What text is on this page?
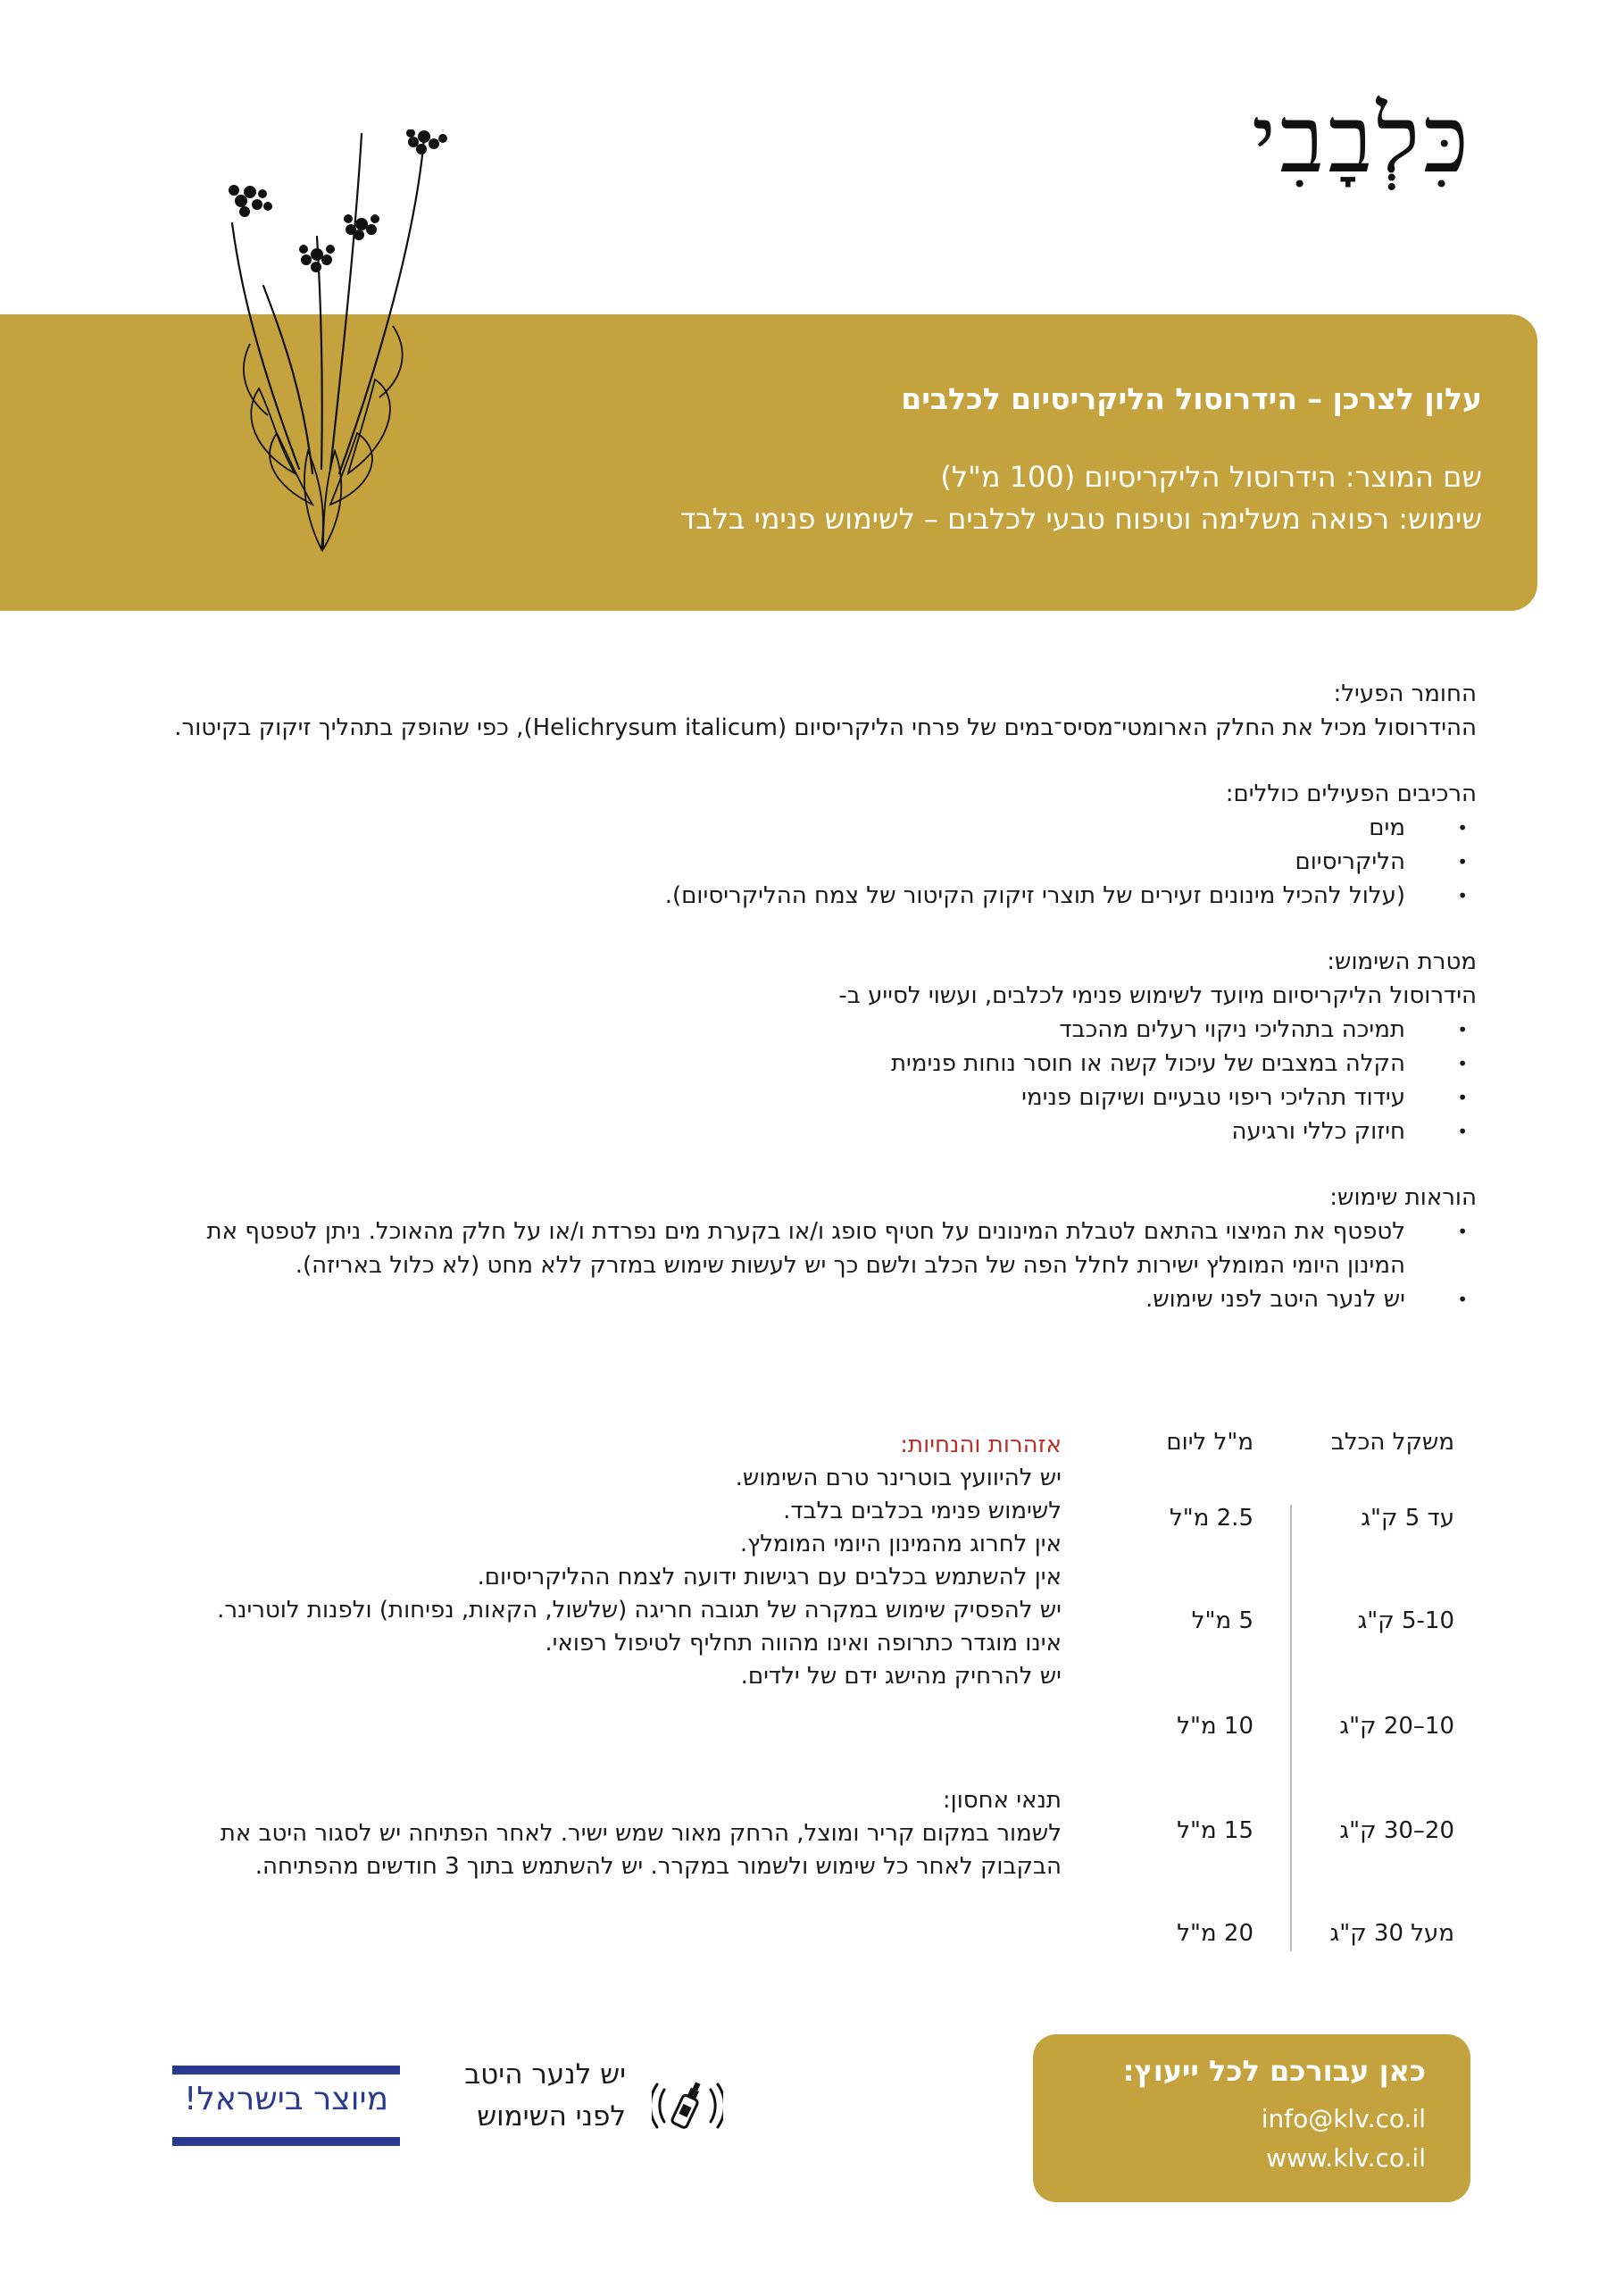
כִּלְבָבִי
עלון לצרכן – הידרוסול הליקריסיום לכלבים
שם המוצר: הידרוסול הליקריסיום (100 מ"ל)
שימוש: רפואה משלימה וטיפוח טבעי לכלבים – לשימוש פנימי בלבד
החומר הפעיל:

ההידרוסול מכיל את החלק הארומטי־מסיס־במים של פרחי הליקריסיום (Helichrysum italicum), כפי שהופק בתהליך זיקוק בקיטור.

הרכיבים הפעילים כוללים:
• מים
• הליקריסיום
• (עלול להכיל מינונים זעירים של תוצרי זיקוק הקיטור של צמח ההליקריסיום).
מטרת השימוש:

הידרוסול הליקריסיום מיועד לשימוש פנימי לכלבים, ועשוי לסייע ב-

• תמיכה בתהליכי ניקוי רעלים מהכבד
• הקלה במצבים של עיכול קשה או חוסר נוחות פנימית
• עידוד תהליכי ריפוי טבעיים ושיקום פנימי
• חיזוק כללי ורגיעה
הוראות שימוש:
• לטפטף את המיצוי בהתאם לטבלת המינונים על חטיף סופג ו/או בקערת מים נפרדת ו/או על חלק מהאוכל. ניתן לטפטף את המינון היומי המומלץ ישירות לחלל הפה של הכלב ולשם כך יש לעשות שימוש במזרק ללא מחט (לא כלול באריזה).
• יש לנער היטב לפני שימוש.
משקל הכלב
מ"ל ליום
עד 5 ק"ג
2.5 מ"ל
5-10 ק"ג
5 מ"ל
10–20 ק"ג
10 מ"ל
20–30 ק"ג
15 מ"ל
מעל 30 ק"ג
20 מ"ל
אזהרות והנחיות:
יש להיוועץ בוטרינר טרם השימוש.
לשימוש פנימי בכלבים בלבד.
אין לחרוג מהמינון היומי המומלץ.
אין להשתמש בכלבים עם רגישות ידועה לצמח ההליקריסיום.
יש להפסיק שימוש במקרה של תגובה חריגה (שלשול, הקאות, נפיחות) ולפנות לוטרינר.
אינו מוגדר כתרופה ואינו מהווה תחליף לטיפול רפואי.
יש להרחיק מהישג ידם של ילדים.
תנאי אחסון:
לשמור במקום קריר ומוצל, הרחק מאור שמש ישיר. לאחר הפתיחה יש לסגור היטב את הבקבוק לאחר כל שימוש ולשמור במקרר. יש להשתמש בתוך 3 חודשים מהפתיחה.
כאן עבורכם לכל ייעוץ:
info@klv.co.il
www.klv.co.il
יש לנער היטב
לפני השימוש
מיוצר בישראל!
